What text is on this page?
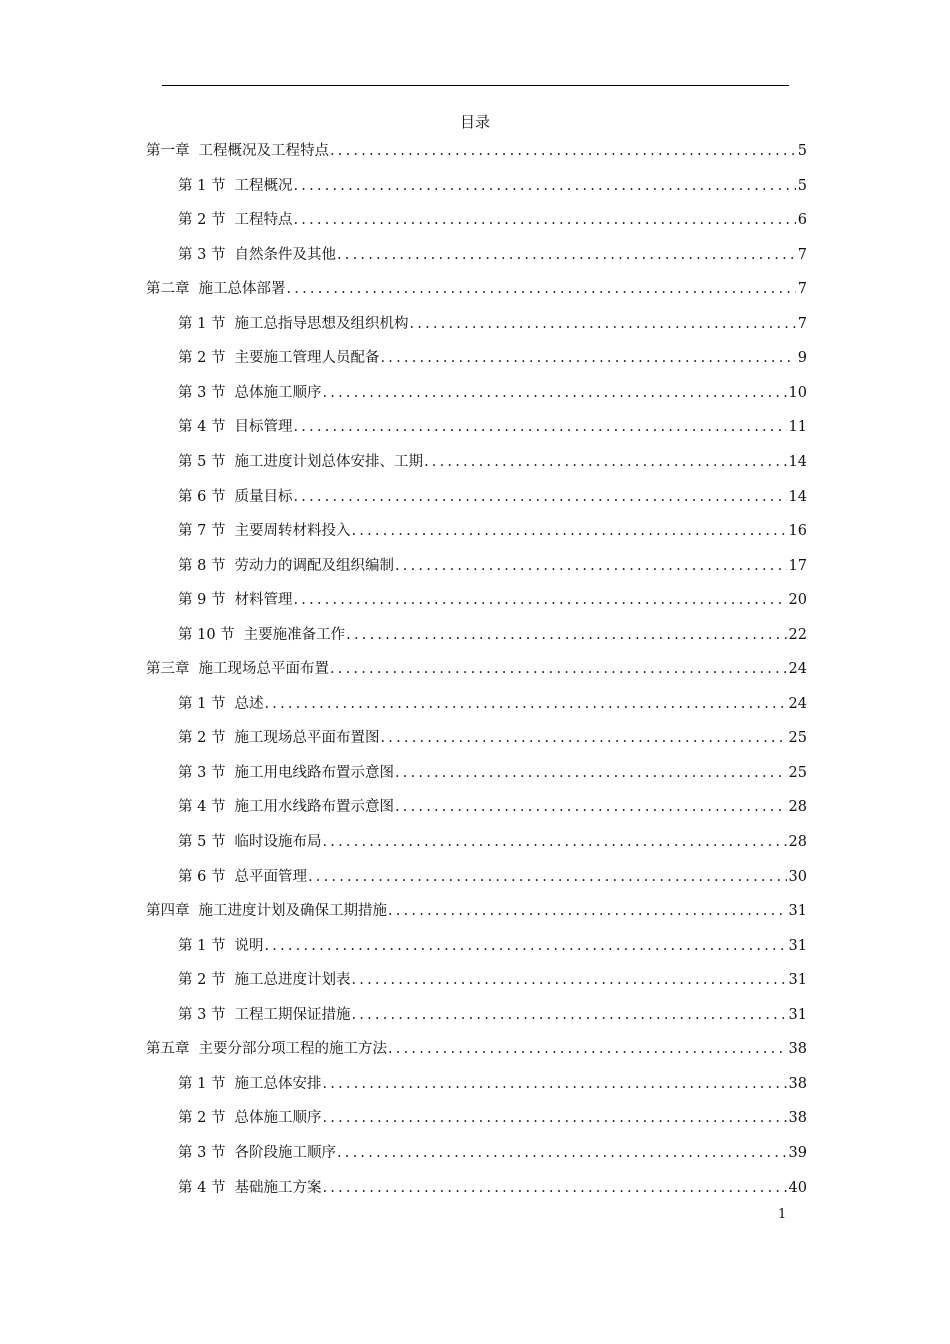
目录
第一章 工程概况及工程特点 .....	5
第 1 节 工程概况 .....	5
第 2 节 工程特点 .....	6
第 3 节 自然条件及其他 .....	7
第二章 施工总体部署 .....	7
第 1 节 施工总指导思想及组织机构 .....	7
第 2 节 主要施工管理人员配备 .....	9
第 3 节 总体施工顺序 .....	10
第 4 节 目标管理 .....	11
第 5 节 施工进度计划总体安排、工期 .....	14
第 6 节 质量目标 .....	14
第 7 节 主要周转材料投入 .....	16
第 8 节 劳动力的调配及组织编制 .....	17
第 9 节 材料管理 .....	20
第 10 节 主要施准备工作 .....	22
第三章 施工现场总平面布置 .....	24
第 1 节 总述 .....	24
第 2 节 施工现场总平面布置图 .....	25
第 3 节 施工用电线路布置示意图 .....	25
第 4 节 施工用水线路布置示意图 .....	28
第 5 节 临时设施布局 .....	28
第 6 节 总平面管理 .....	30
第四章 施工进度计划及确保工期措施 .....	31
第 1 节 说明 .....	31
第 2 节 施工总进度计划表 .....	31
第 3 节 工程工期保证措施 .....	31
第五章 主要分部分项工程的施工方法 .....	38
第 1 节 施工总体安排 .....	38
第 2 节 总体施工顺序 .....	38
第 3 节 各阶段施工顺序 .....	39
第 4 节 基础施工方案 .....	40
1
